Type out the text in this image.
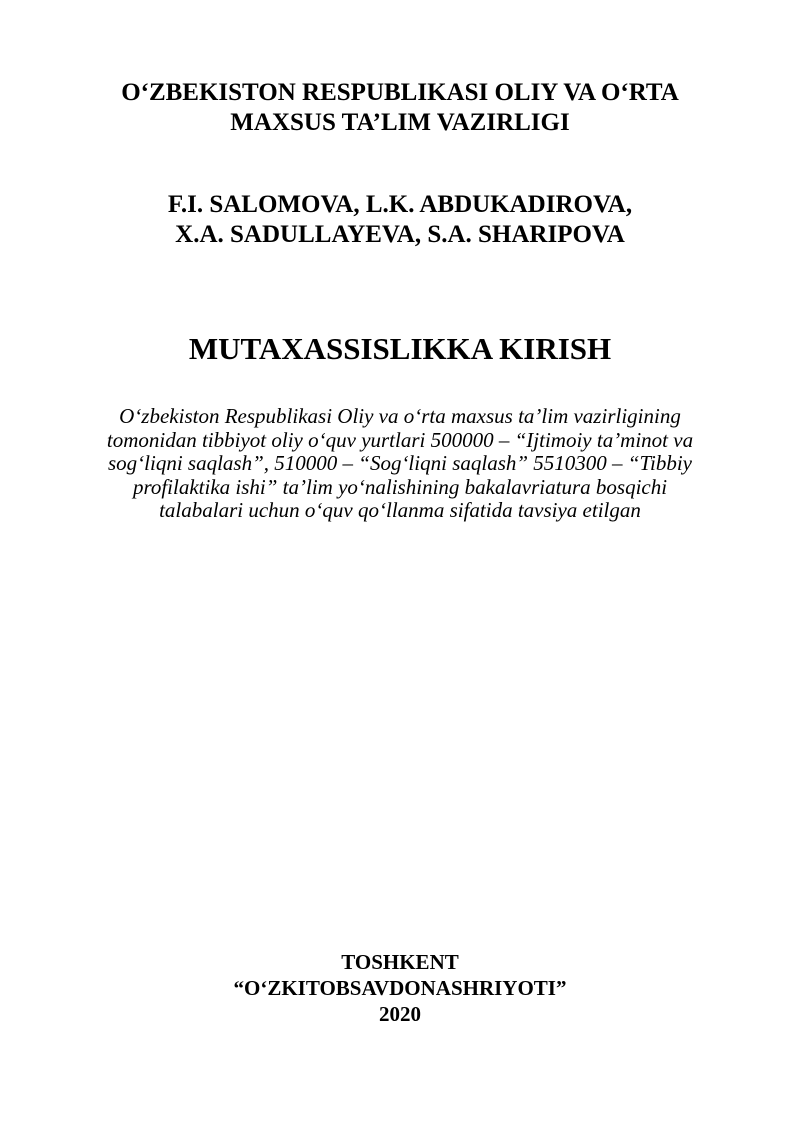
O‘ZBEKISTON RESPUBLIKASI OLIY VA O‘RTA
MAXSUS TA’LIM VAZIRLIGI
F.I. SALOMOVA, L.K. ABDUKADIROVA,
X.A. SADULLAYEVA, S.A. SHARIPOVA
MUTAXASSISLIKKA KIRISH
O‘zbekiston Respublikasi Oliy va o‘rta maxsus ta’lim vazirligining
tomonidan tibbiyot oliy o‘quv yurtlari 500000 – “Ijtimoiy ta’minot va
sog‘liqni saqlash”, 510000 – “Sog‘liqni saqlash” 5510300 – “Tibbiy
profilaktika ishi” ta’lim yo‘nalishining bakalavriatura bosqichi
talabalari uchun o‘quv qo‘llanma sifatida tavsiya etilgan
TOSHKENT
“O‘ZKITOBSAVDONASHRIYOTI”
2020
